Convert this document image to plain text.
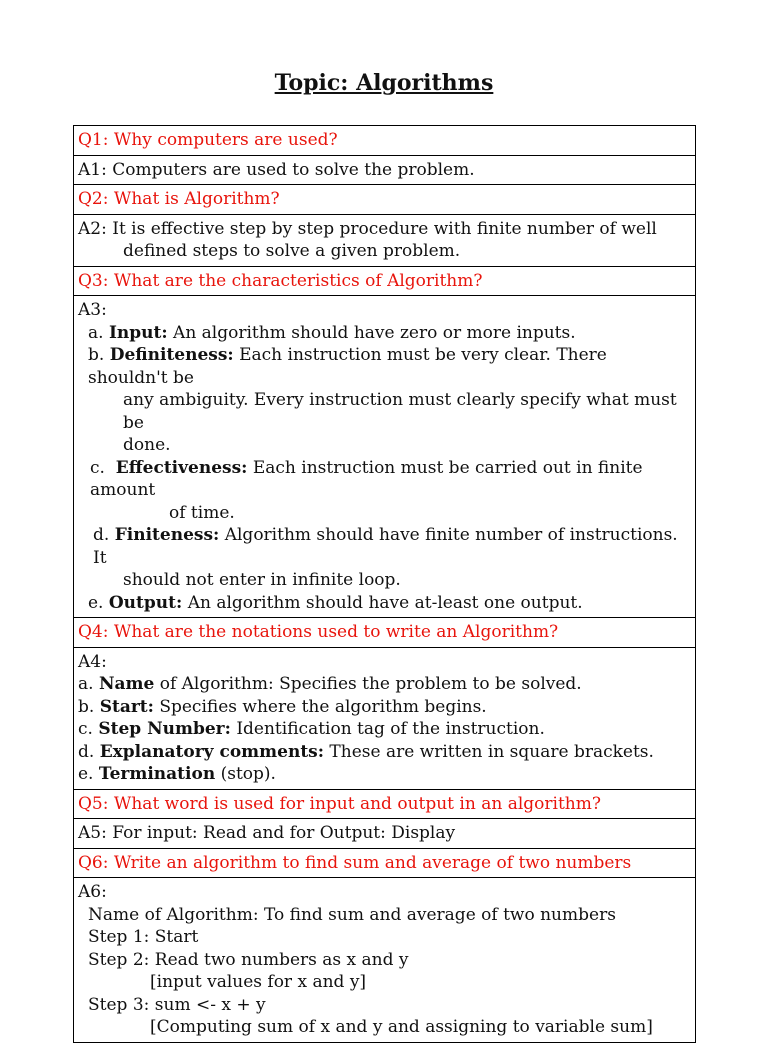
Topic: Algorithms
Q1: Why computers are used?
A1: Computers are used to solve the problem.
Q2: What is Algorithm?

A2: It is effective step by step procedure with finite number of well
defined steps to solve a given problem.

Q3: What are the characteristics of Algorithm?

A3:
a. Input: An algorithm should have zero or more inputs.
b. Definiteness: Each instruction must be very clear. There shouldn't be
any ambiguity. Every instruction must clearly specify what must be
done.
c. Effectiveness: Each instruction must be carried out in finite amount
of time.
d. Finiteness: Algorithm should have finite number of instructions. It
should not enter in infinite loop.
e. Output: An algorithm should have at-least one output.

Q4: What are the notations used to write an Algorithm?

A4:
a. Name of Algorithm: Specifies the problem to be solved.
b. Start: Specifies where the algorithm begins.
c. Step Number: Identification tag of the instruction.
d. Explanatory comments: These are written in square brackets.
e. Termination (stop).

Q5: What word is used for input and output in an algorithm?
A5: For input: Read and for Output: Display
Q6: Write an algorithm to find sum and average of two numbers

A6:
Name of Algorithm: To find sum and average of two numbers
Step 1: Start
Step 2: Read two numbers as x and y
[input values for x and y]
Step 3: sum <- x + y
[Computing sum of x and y and assigning to variable sum]
